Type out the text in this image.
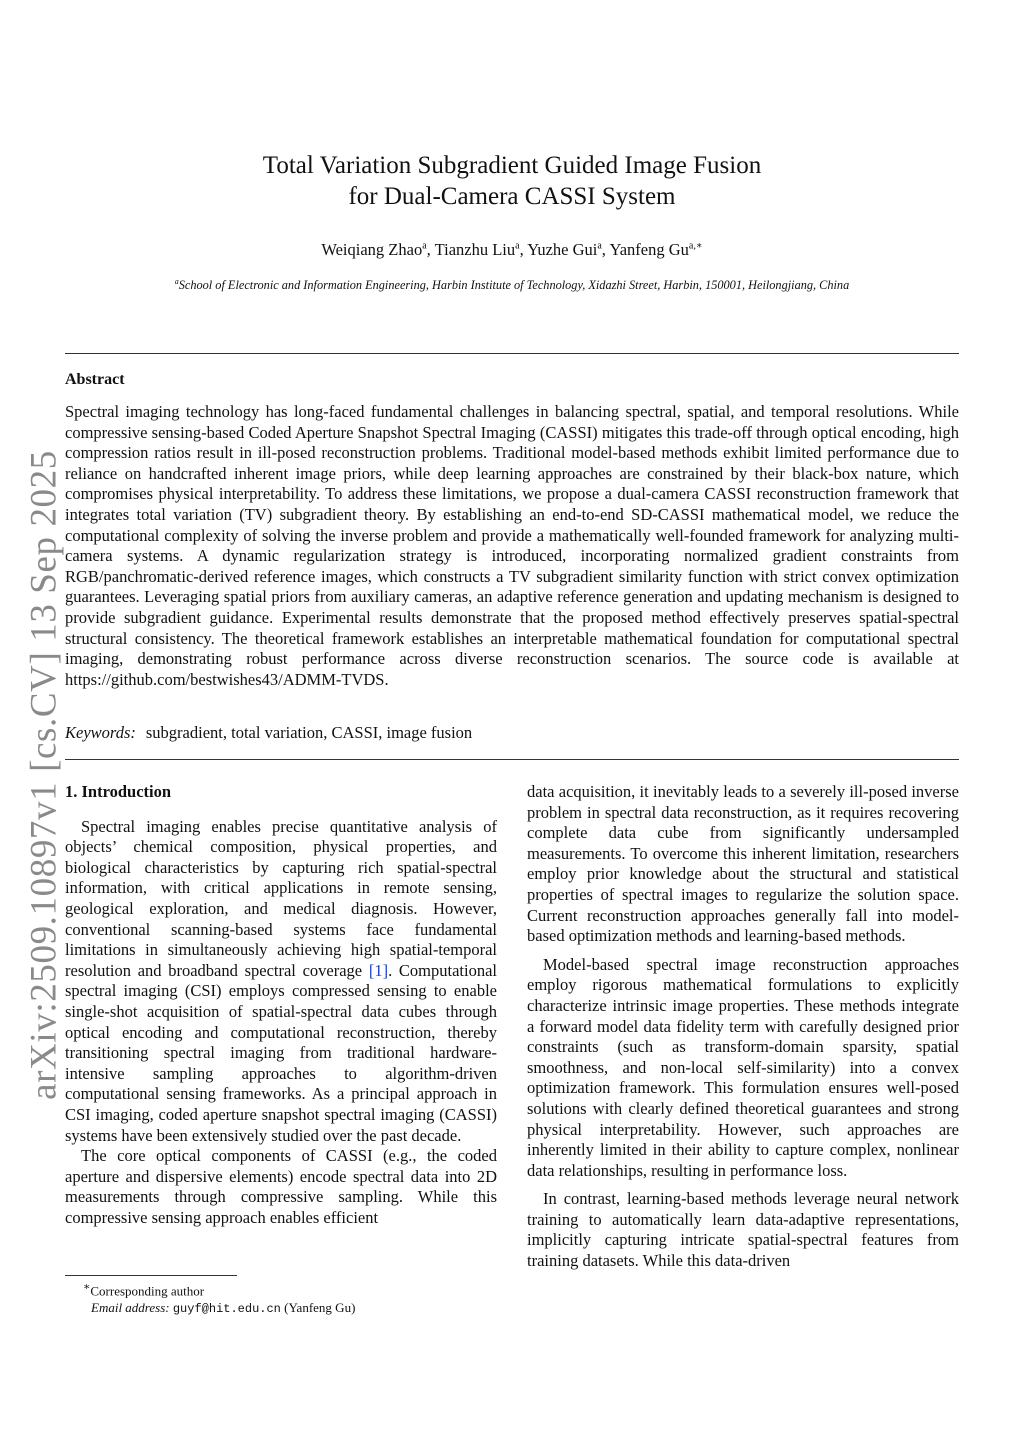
arXiv:2509.10897v1 [cs.CV] 13 Sep 2025
Total Variation Subgradient Guided Image Fusion
for Dual-Camera CASSI System
Weiqiang Zhao$^a$, Tianzhu Liu$^a$, Yuzhe Gui$^a$, Yanfeng $Gu^{a,∗}$
$^a$School of Electronic and Information Engineering, Harbin Institute of Technology, Xidazhi Street, Harbin, 150001, Heilongjiang, China
Abstract

Spectral imaging technology has long-faced fundamental challenges in balancing spectral, spatial, and temporal resolutions. While compressive sensing-based Coded Aperture Snapshot Spectral Imaging (CASSI) mitigates this trade-off through optical encoding, high compression ratios result in ill-posed reconstruction problems. Traditional model-based methods exhibit limited performance due to reliance on handcrafted inherent image priors, while deep learning approaches are constrained by their black-box nature, which compromises physical interpretability. To address these limitations, we propose a dual-camera CASSI reconstruction framework that integrates total variation (TV) subgradient theory. By establishing an end-to-end SD-CASSI mathematical model, we reduce the computational complexity of solving the inverse problem and provide a mathematically well-founded framework for analyzing multi-camera systems. A dynamic regularization strategy is introduced, incorporating normalized gradient constraints from RGB/panchromatic-derived reference images, which constructs a TV subgradient similarity function with strict convex optimization guarantees. Leveraging spatial priors from auxiliary cameras, an adaptive reference generation and updating mechanism is designed to provide subgradient guidance. Experimental results demonstrate that the proposed method effectively preserves spatial-spectral structural consistency. The theoretical framework establishes an interpretable mathematical foundation for computational spectral imaging, demonstrating robust performance across diverse reconstruction scenarios. The source code is available at https://github.com/bestwishes43/ADMM-TVDS.

Keywords: subgradient, total variation, CASSI, image fusion
1. Introduction

Spectral imaging enables precise quantitative analysis of objects’ chemical composition, physical properties, and biological characteristics by capturing rich spatial-spectral information, with critical applications in remote sensing, geological exploration, and medical diagnosis. However, conventional scanning-based systems face fundamental limitations in simultaneously achieving high spatial-temporal resolution and broadband spectral coverage [1]. Computational spectral imaging (CSI) employs compressed sensing to enable single-shot acquisition of spatial-spectral data cubes through optical encoding and computational reconstruction, thereby transitioning spectral imaging from traditional hardware-intensive sampling approaches to algorithm-driven computational sensing frameworks. As a principal approach in CSI imaging, coded aperture snapshot spectral imaging (CASSI) systems have been extensively studied over the past decade.

The core optical components of CASSI (e.g., the coded aperture and dispersive elements) encode spectral data into 2D measurements through compressive sampling. While this compressive sensing approach enables efficient

data acquisition, it inevitably leads to a severely ill-posed inverse problem in spectral data reconstruction, as it requires recovering complete data cube from significantly undersampled measurements. To overcome this inherent limitation, researchers employ prior knowledge about the structural and statistical properties of spectral images to regularize the solution space. Current reconstruction approaches generally fall into model-based optimization methods and learning-based methods.

Model-based spectral image reconstruction approaches employ rigorous mathematical formulations to explicitly characterize intrinsic image properties. These methods integrate a forward model data fidelity term with carefully designed prior constraints (such as transform-domain sparsity, spatial smoothness, and non-local self-similarity) into a convex optimization framework. This formulation ensures well-posed solutions with clearly defined theoretical guarantees and strong physical interpretability. However, such approaches are inherently limited in their ability to capture complex, nonlinear data relationships, resulting in performance loss.

In contrast, learning-based methods leverage neural network training to automatically learn data-adaptive representations, implicitly capturing intricate spatial-spectral features from training datasets. While this data-driven

∗Corresponding author
Email address: guyf@hit.edu.cn (Yanfeng Gu)
